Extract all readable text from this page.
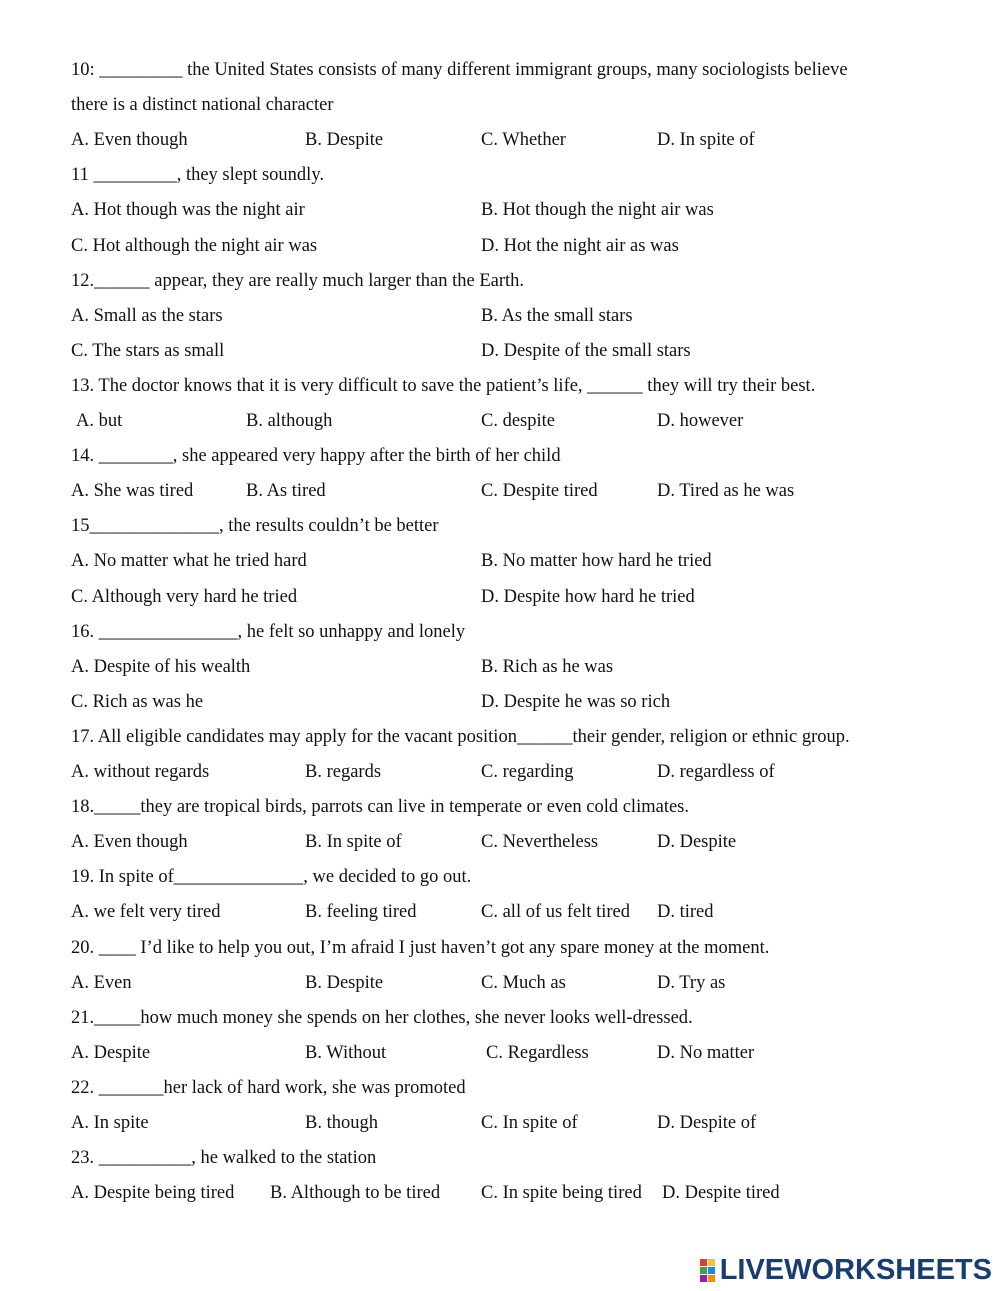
10: _________ the United States consists of many different immigrant groups, many sociologists believe
there is a distinct national character
A. Even though	B. Despite	C. Whether	D. In spite of
11 _________, they slept soundly.
A. Hot though was the night air	B. Hot though the night air was
C. Hot although the night air was	D. Hot the night air as was
12.______ appear, they are really much larger than the Earth.
A. Small as the stars	B. As the small stars
C. The stars as small	D. Despite of the small stars
13. The doctor knows that it is very difficult to save the patient’s life, ______ they will try their best.
A. but	B. although	C. despite	D. however
14. ________, she appeared very happy after the birth of her child
A. She was tired	B. As tired	C. Despite tired	D. Tired as he was
15______________, the results couldn’t be better
A. No matter what he tried hard	B. No matter how hard he tried
C. Although very hard he tried	D. Despite how hard he tried
16. _______________, he felt so unhappy and lonely
A. Despite of his wealth	B. Rich as he was
C. Rich as was he	D. Despite he was so rich
17. All eligible candidates may apply for the vacant position______their gender, religion or ethnic group.
A. without regards	B. regards	C. regarding	D. regardless of
18._____they are tropical birds, parrots can live in temperate or even cold climates.
A. Even though	B. In spite of	C. Nevertheless	D. Despite
19. In spite of______________, we decided to go out.
A. we felt very tired	B. feeling tired	C. all of us felt tired D. tired
20. ____ I’d like to help you out, I’m afraid I just haven’t got any spare money at the moment.
A. Even	B. Despite	C. Much as	D. Try as
21._____how much money she spends on her clothes, she never looks well-dressed.
A. Despite	B. Without	C. Regardless	D. No matter
22. _______her lack of hard work, she was promoted
A. In spite	B. though	C. In spite of	D. Despite of
23. __________, he walked to the station
A. Despite being tired B. Although to be tired C. In spite being tired D. Despite tired
LIVEWORKSHEETS
